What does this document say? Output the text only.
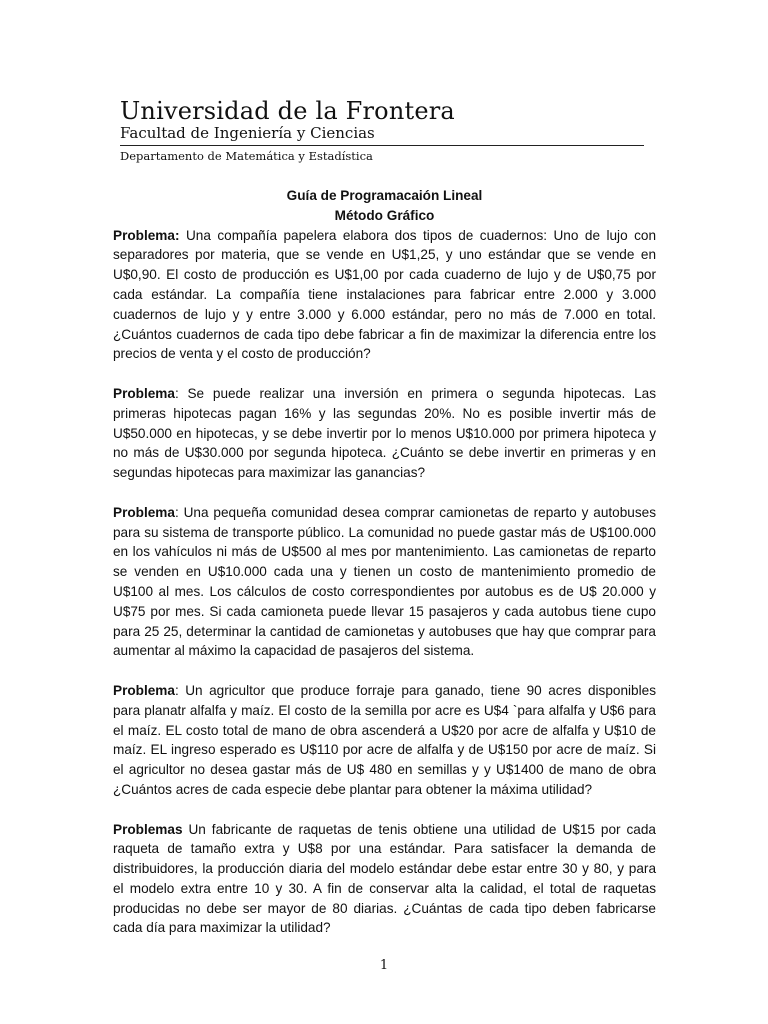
Universidad de la Frontera
Facultad de Ingeniería y Ciencias
Departamento de Matemática y Estadística

Guía de Programacaión Lineal

Método Gráfico

Problema: Una compañía papelera elabora dos tipos de cuadernos: Uno de lujo con separadores por materia, que se vende en U$1,25, y uno estándar que se vende en U$0,90. El costo de producción es U$1,00 por cada cuaderno de lujo y de U$0,75 por cada estándar. La compañía tiene instalaciones para fabricar entre 2.000 y 3.000 cuadernos de lujo y y entre 3.000 y 6.000 estándar, pero no más de 7.000 en total. ¿Cuántos cuadernos de cada tipo debe fabricar a fin de maximizar la diferencia entre los precios de venta y el costo de producción?

Problema: Se puede realizar una inversión en primera o segunda hipotecas. Las primeras hipotecas pagan 16% y las segundas 20%. No es posible invertir más de U$50.000 en hipotecas, y se debe invertir por lo menos U$10.000 por primera hipoteca y no más de U$30.000 por segunda hipoteca. ¿Cuánto se debe invertir en primeras y en segundas hipotecas para maximizar las ganancias?

Problema: Una pequeña comunidad desea comprar camionetas de reparto y autobuses para su sistema de transporte público. La comunidad no puede gastar más de U$100.000 en los vahículos ni más de U$500 al mes por mantenimiento. Las camionetas de reparto se venden en U$10.000 cada una y tienen un costo de mantenimiento promedio de U$100 al mes. Los cálculos de costo correspondientes por autobus es de U$ 20.000 y U$75 por mes. Si cada camioneta puede llevar 15 pasajeros y cada autobus tiene cupo para 25 25, determinar la cantidad de camionetas y autobuses que hay que comprar para aumentar al máximo la capacidad de pasajeros del sistema.

Problema: Un agricultor que produce forraje para ganado, tiene 90 acres disponibles para planatr alfalfa y maíz. El costo de la semilla por acre es U$4 `para alfalfa y U$6 para el maíz. EL costo total de mano de obra ascenderá a U$20 por acre de alfalfa y U$10 de maíz. EL ingreso esperado es U$110 por acre de alfalfa y de U$150 por acre de maíz. Si el agricultor no desea gastar más de U$ 480 en semillas y y U$1400 de mano de obra ¿Cuántos acres de cada especie debe plantar para obtener la máxima utilidad?

Problemas Un fabricante de raquetas de tenis obtiene una utilidad de U$15 por cada raqueta de tamaño extra y U$8 por una estándar. Para satisfacer la demanda de distribuidores, la producción diaria del modelo estándar debe estar entre 30 y 80, y para el modelo extra entre 10 y 30. A fin de conservar alta la calidad, el total de raquetas producidas no debe ser mayor de 80 diarias. ¿Cuántas de cada tipo deben fabricarse cada día para maximizar la utilidad?

1
